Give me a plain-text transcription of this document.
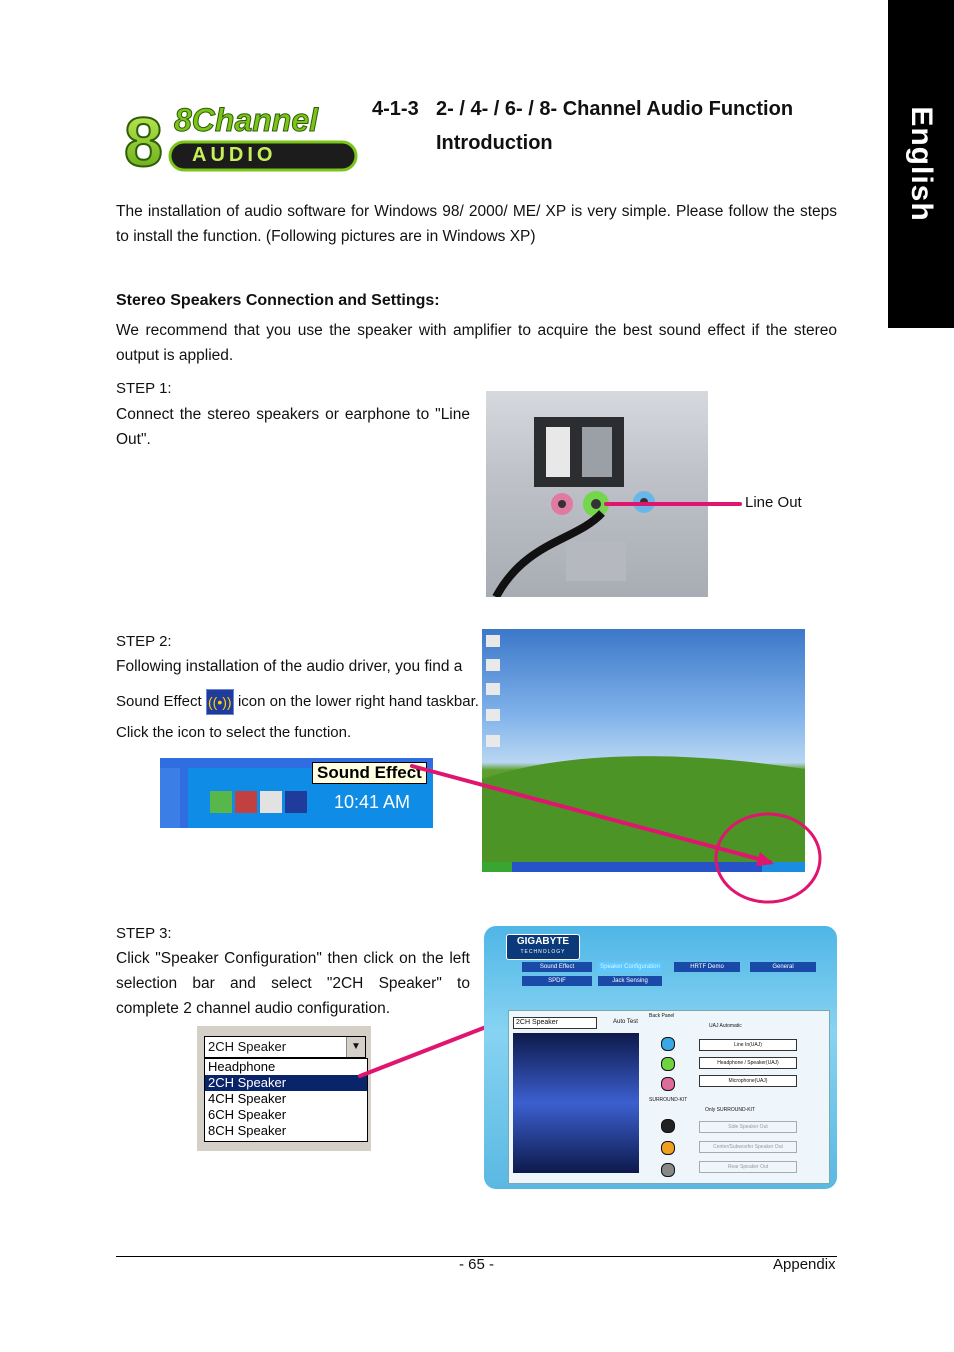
English
8 8Channel
AUDIO
4-1-3 2- / 4- / 6- / 8- Channel Audio Function
Introduction
The installation of audio software for Windows 98/ 2000/ ME/ XP is very simple. Please follow the steps to install the function. (Following pictures are in Windows XP)
Stereo Speakers Connection and Settings:
We recommend that you use the speaker with amplifier to acquire the best sound effect if the stereo output is applied.
STEP 1:
Connect the stereo speakers or earphone to "Line Out".
Line Out
STEP 2:
Following installation of the audio driver, you find a
Sound Effect ((•)) icon on the lower right hand taskbar.
Click the icon to select the function.
Sound Effect
10:41 AM
STEP 3:
Click "Speaker Configuration" then click on the left selection bar and select "2CH Speaker" to complete 2 channel audio configuration.
2CH Speaker	▼
Headphone
2CH Speaker
4CH Speaker
6CH Speaker
8CH Speaker
GIGABYTE
TECHNOLOGY
Sound Effect	Speaker Configuration	HRTF Demo	General
SPDIF	Jack Sensing
2CH Speaker	Auto Test
Back Panel
UAJ Automatic
Line In(UAJ)
Headphone / Speaker(UAJ)
Microphone(UAJ)
SURROUND-KIT
Only SURROUND-KIT
Side Speaker Out
Center/Subwoofer Speaker Out
Rear Speaker Out
- 65 -	Appendix
